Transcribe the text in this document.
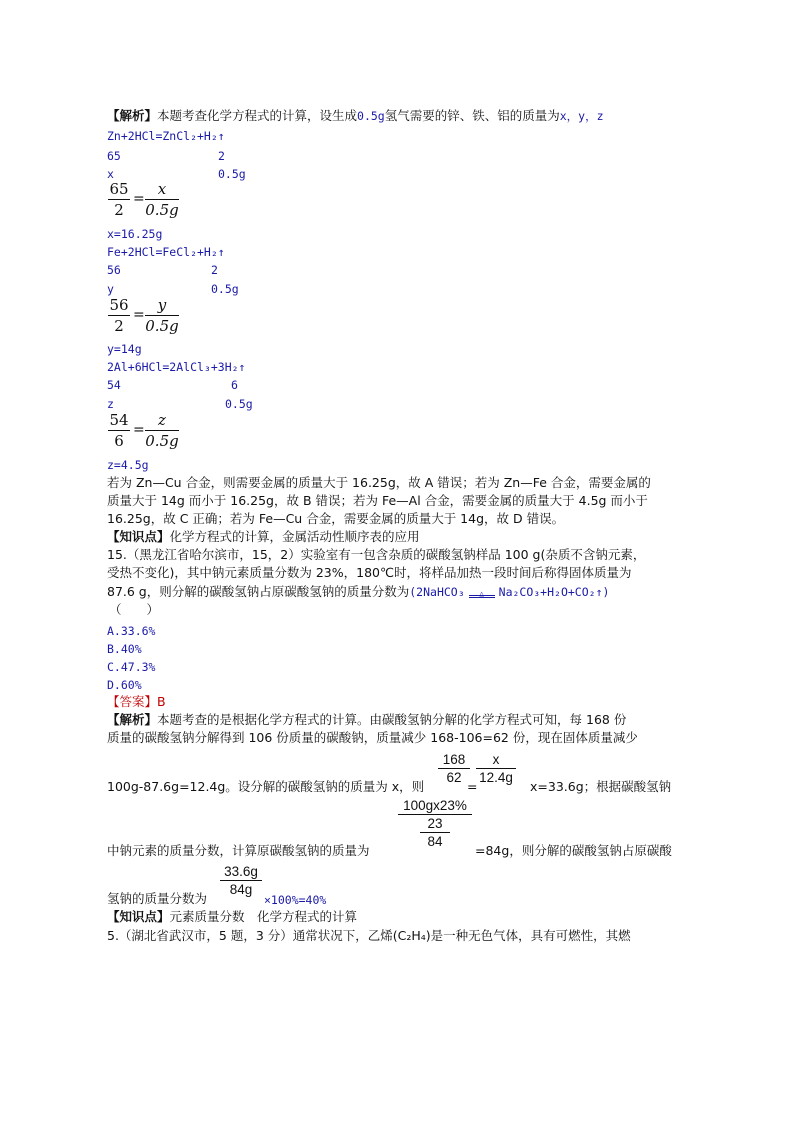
【解析】本题考查化学方程式的计算，设生成0.5g氢气需要的锌、铁、铝的质量为x，y，z
Zn+2HCl=ZnCl₂+H₂↑
65	2
x	0.5g
65
2
=
x
0.5g
x=16.25g
Fe+2HCl=FeCl₂+H₂↑
56	2
y	0.5g
56
2
=
y
0.5g
y=14g
2Al+6HCl=2AlCl₃+3H₂↑
54	6
z	0.5g
54
6
=
z
0.5g
z=4.5g
若为 Zn—Cu 合金，则需要金属的质量大于 16.25g，故 A 错误；若为 Zn—Fe 合金，需要金属的
质量大于 14g 而小于 16.25g，故 B 错误；若为 Fe—Al 合金，需要金属的质量大于 4.5g 而小于
16.25g，故 C 正确；若为 Fe—Cu 合金，需要金属的质量大于 14g，故 D 错误。
【知识点】化学方程式的计算，金属活动性顺序表的应用
15.（黑龙江省哈尔滨市，15，2）实验室有一包含杂质的碳酸氢钠样品 100 g(杂质不含钠元素，
受热不变化)，其中钠元素质量分数为 23%，180℃时，将样品加热一段时间后称得固体质量为
87.6 g，则分解的碳酸氢钠占原碳酸氢钠的质量分数为(2NaHCO₃ △ Na₂CO₃+H₂O+CO₂↑)
（　　）
A.33.6%
B.40%
C.47.3%
D.60%
【答案】B
【解析】本题考查的是根据化学方程式的计算。由碳酸氢钠分解的化学方程式可知，每 168 份
质量的碳酸氢钠分解得到 106 份质量的碳酸钠，质量减少 168-106=62 份，现在固体质量减少
168
62
x
12.4g
100g-87.6g=12.4g。设分解的碳酸氢钠的质量为 x，则	=	x=33.6g；根据碳酸氢钠
100gx23%
23
84
中钠元素的质量分数，计算原碳酸氢钠的质量为	=84g，则分解的碳酸氢钠占原碳酸
33.6g
84g
氢钠的质量分数为	×100%=40%
【知识点】元素质量分数　化学方程式的计算
5.（湖北省武汉市，5 题，3 分）通常状况下，乙烯(C₂H₄)是一种无色气体，具有可燃性，其燃
